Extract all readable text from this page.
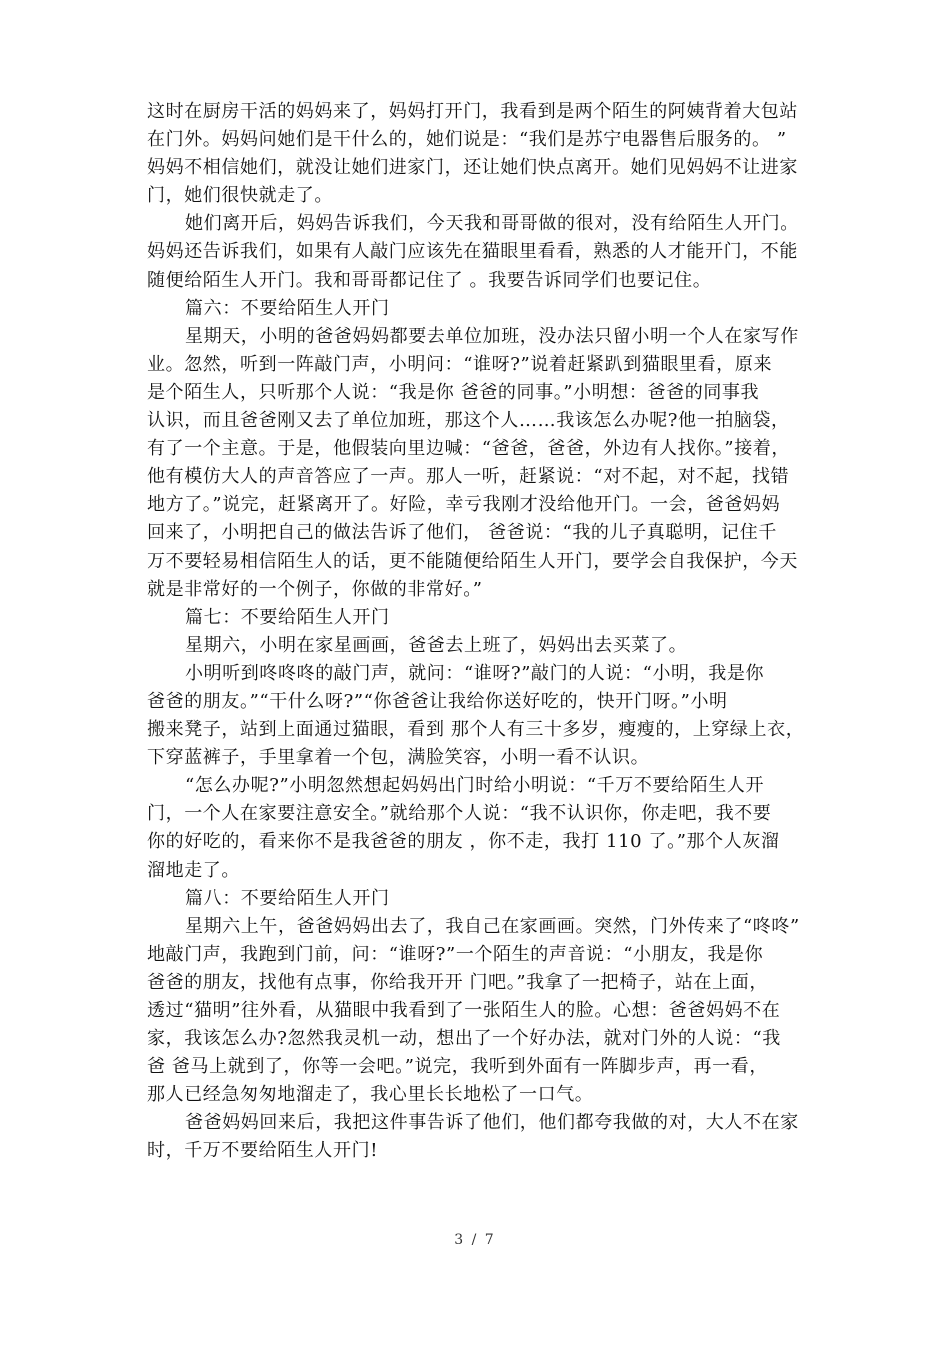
这时在厨房干活的妈妈来了，妈妈打开门，我看到是两个陌生的阿姨背着大包站
在门外。妈妈问她们是干什么的，她们说是：“我们是苏宁电器售后服务的。 ”
妈妈不相信她们，就没让她们进家门，还让她们快点离开。她们见妈妈不让进家
门，她们很快就走了。
她们离开后，妈妈告诉我们，今天我和哥哥做的很对，没有给陌生人开门。
妈妈还告诉我们，如果有人敲门应该先在猫眼里看看，熟悉的人才能开门，不能
随便给陌生人开门。我和哥哥都记住了 。我要告诉同学们也要记住。
篇六：不要给陌生人开门
星期天，小明的爸爸妈妈都要去单位加班，没办法只留小明一个人在家写作
业。忽然，听到一阵敲门声，小明问：“谁呀?”说着赶紧趴到猫眼里看，原来
是个陌生人，只听那个人说：“我是你 爸爸的同事。”小明想：爸爸的同事我
认识，而且爸爸刚又去了单位加班，那这个人……我该怎么办呢?他一拍脑袋，
有了一个主意。于是，他假装向里边喊：“爸爸，爸爸，外边有人找你。”接着，
他有模仿大人的声音答应了一声。那人一听，赶紧说：“对不起，对不起，找错
地方了。”说完，赶紧离开了。好险，幸亏我刚才没给他开门。一会，爸爸妈妈
回来了，小明把自己的做法告诉了他们， 爸爸说：“我的儿子真聪明，记住千
万不要轻易相信陌生人的话，更不能随便给陌生人开门，要学会自我保护，今天
就是非常好的一个例子，你做的非常好。”
篇七：不要给陌生人开门
星期六，小明在家星画画，爸爸去上班了，妈妈出去买菜了。
小明听到咚咚咚的敲门声，就问：“谁呀?”敲门的人说：“小明，我是你
爸爸的朋友。”“干什么呀?”“你爸爸让我给你送好吃的，快开门呀。”小明
搬来凳子，站到上面通过猫眼，看到 那个人有三十多岁，瘦瘦的，上穿绿上衣，
下穿蓝裤子，手里拿着一个包，满脸笑容，小明一看不认识。
“怎么办呢?”小明忽然想起妈妈出门时给小明说：“千万不要给陌生人开
门，一个人在家要注意安全。”就给那个人说：“我不认识你，你走吧，我不要
你的好吃的，看来你不是我爸爸的朋友 ，你不走，我打 110 了。”那个人灰溜
溜地走了。
篇八：不要给陌生人开门
星期六上午，爸爸妈妈出去了，我自己在家画画。突然，门外传来了“咚咚”
地敲门声，我跑到门前，问：“谁呀?”一个陌生的声音说：“小朋友，我是你
爸爸的朋友，找他有点事，你给我开开 门吧。”我拿了一把椅子，站在上面，
透过“猫明”往外看，从猫眼中我看到了一张陌生人的脸。心想：爸爸妈妈不在
家，我该怎么办?忽然我灵机一动，想出了一个好办法，就对门外的人说：“我
爸 爸马上就到了，你等一会吧。”说完，我听到外面有一阵脚步声，再一看，
那人已经急匆匆地溜走了，我心里长长地松了一口气。
爸爸妈妈回来后，我把这件事告诉了他们，他们都夸我做的对，大人不在家
时，千万不要给陌生人开门!
3 / 7
